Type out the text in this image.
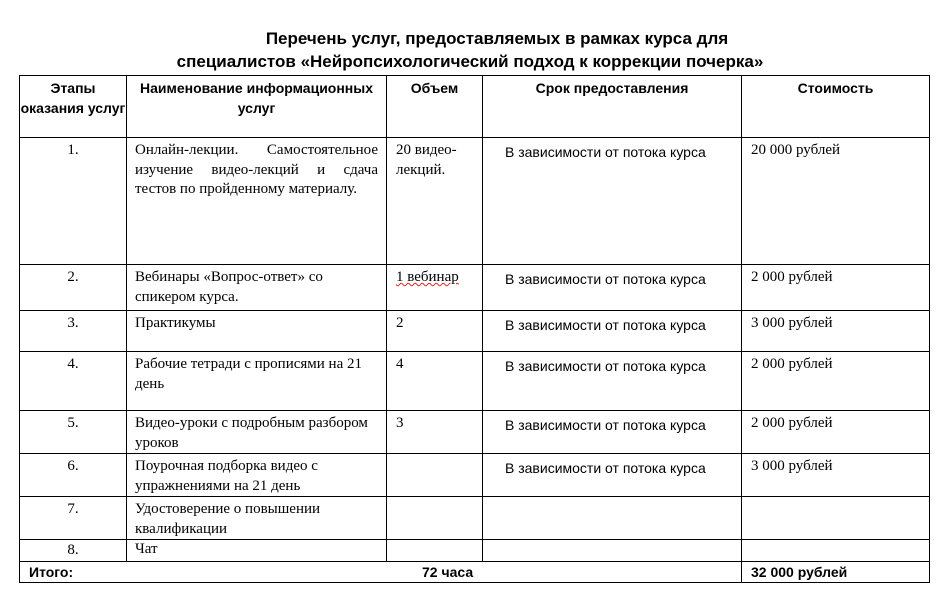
Перечень услуг, предоставляемых в рамках курса для
специалистов «Нейропсихологический подход к коррекции почерка»
Этапы оказания услуг	Наименование информационных услуг	Объем	Срок предоставления	Стоимость
1.	Онлайн-лекции. Самостоятельное изучение видео-лекций и сдача тестов по пройденному материалу.	20 видео-лекций.	В зависимости от потока курса	20 000 рублей
2.	Вебинары «Вопрос-ответ» со спикером курса.	1 вебинар	В зависимости от потока курса	2 000 рублей
3.	Практикумы	2	В зависимости от потока курса	3 000 рублей
4.	Рабочие тетради с прописями на 21 день	4	В зависимости от потока курса	2 000 рублей
5.	Видео-уроки с подробным разбором уроков	3	В зависимости от потока курса	2 000 рублей
6.	Поурочная подборка видео с упражнениями на 21 день		В зависимости от потока курса	3 000 рублей
7.	Удостоверение о повышении квалификации			
8.	Чат			
Итого: 72 часа				32 000 рублей
